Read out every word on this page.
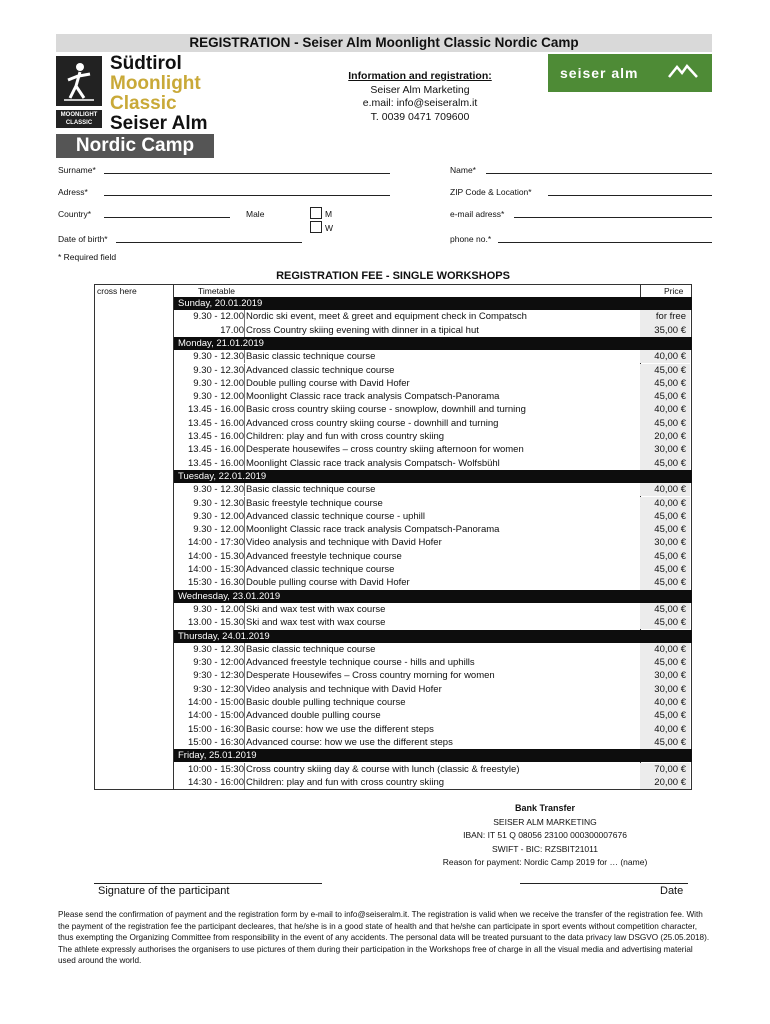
REGISTRATION - Seiser Alm Moonlight Classic Nordic Camp
Südtirol
Moonlight
Classic
Seiser Alm
MOONLIGHT
CLASSIC
Nordic Camp
Information and registration:
Seiser Alm Marketing
e.mail: info@seiseralm.it
T. 0039 0471 709600
seiser alm
Surname*	Name*
Adress*	ZIP Code & Location*
Country*	Male	M
W
e-mail adress*
Date of birth*	phone no.*
* Required field
REGISTRATION FEE - SINGLE WORKSHOPS
cross here	Timetable	Price
Sunday, 20.01.2019
9.30 - 12.00 Nordic ski event, meet & greet and equipment check in Compatsch	for free
17.00 Cross Country skiing evening with dinner in a tipical hut	35,00 €
Monday, 21.01.2019
9.30 - 12.30 Basic classic technique course	40,00 €
9.30 - 12.30 Advanced classic technique course	45,00 €
9.30 - 12.00 Double pulling course with David Hofer	45,00 €
9.30 - 12.00 Moonlight Classic race track analysis Compatsch-Panorama	45,00 €
13.45 - 16.00 Basic cross country skiing course - snowplow, downhill and turning	40,00 €
13.45 - 16.00 Advanced cross country skiing course - downhill and turning	45,00 €
13.45 - 16.00 Children: play and fun with cross country skiing	20,00 €
13.45 - 16.00 Desperate housewifes – cross country skiing afternoon for women	30,00 €
13.45 - 16.00 Moonlight Classic race track analysis Compatsch- Wolfsbühl	45,00 €
Tuesday, 22.01.2019
9.30 - 12.30 Basic classic technique course	40,00 €
9.30 - 12.30 Basic freestyle technique course	40,00 €
9.30 - 12.00 Advanced classic technique course - uphill	45,00 €
9.30 - 12.00 Moonlight Classic race track analysis Compatsch-Panorama	45,00 €
14:00 - 17:30 Video analysis and technique with David Hofer	30,00 €
14:00 - 15.30 Advanced freestyle technique course	45,00 €
14:00 - 15:30 Advanced classic technique course	45,00 €
15:30 - 16.30 Double pulling course with David Hofer	45,00 €
Wednesday, 23.01.2019
9.30 - 12.00 Ski and wax test with wax course	45,00 €
13.00 - 15.30 Ski and wax test with wax course	45,00 €
Thursday, 24.01.2019
9.30 - 12.30 Basic classic technique course	40,00 €
9:30 - 12:00 Advanced freestyle technique course - hills and uphills	45,00 €
9:30 - 12:30 Desperate Housewifes – Cross country morning for women	30,00 €
9:30 - 12:30 Video analysis and technique with David Hofer	30,00 €
14:00 - 15:00 Basic double pulling technique course	40,00 €
14:00 - 15:00 Advanced double pulling course	45,00 €
15:00 - 16:30 Basic course: how we use the different steps	40,00 €
15:00 - 16:30 Advanced course: how we use the different steps	45,00 €
Friday, 25.01.2019
10:00 - 15:30 Cross country skiing day & course with lunch (classic & freestyle)	70,00 €
14:30 - 16:00 Children: play and fun with cross country skiing	20,00 €
Bank Transfer
SEISER ALM MARKETING
IBAN: IT 51 Q 08056 23100 000300007676
SWIFT - BIC: RZSBIT21011
Reason for payment: Nordic Camp 2019 for … (name)
Signature of the participant	Date
Please send the confirmation of payment and the registration form by e-mail to info@seiseralm.it. The registration is valid when we receive the transfer of the registration fee. With the payment of the registration fee the participant decleares, that he/she is in a good state of health and that he/she can participate in sport events without competition character, thus exempting the Organizing Committee from responsibility in the event of any accidents. The personal data will be treated pursuant to the data privacy law DSGVO (25.05.2018). The athlete expressly authorises the organisers to use pictures of them during their participation in the Workshops free of charge in all the visual media and advertising material used around the world.
